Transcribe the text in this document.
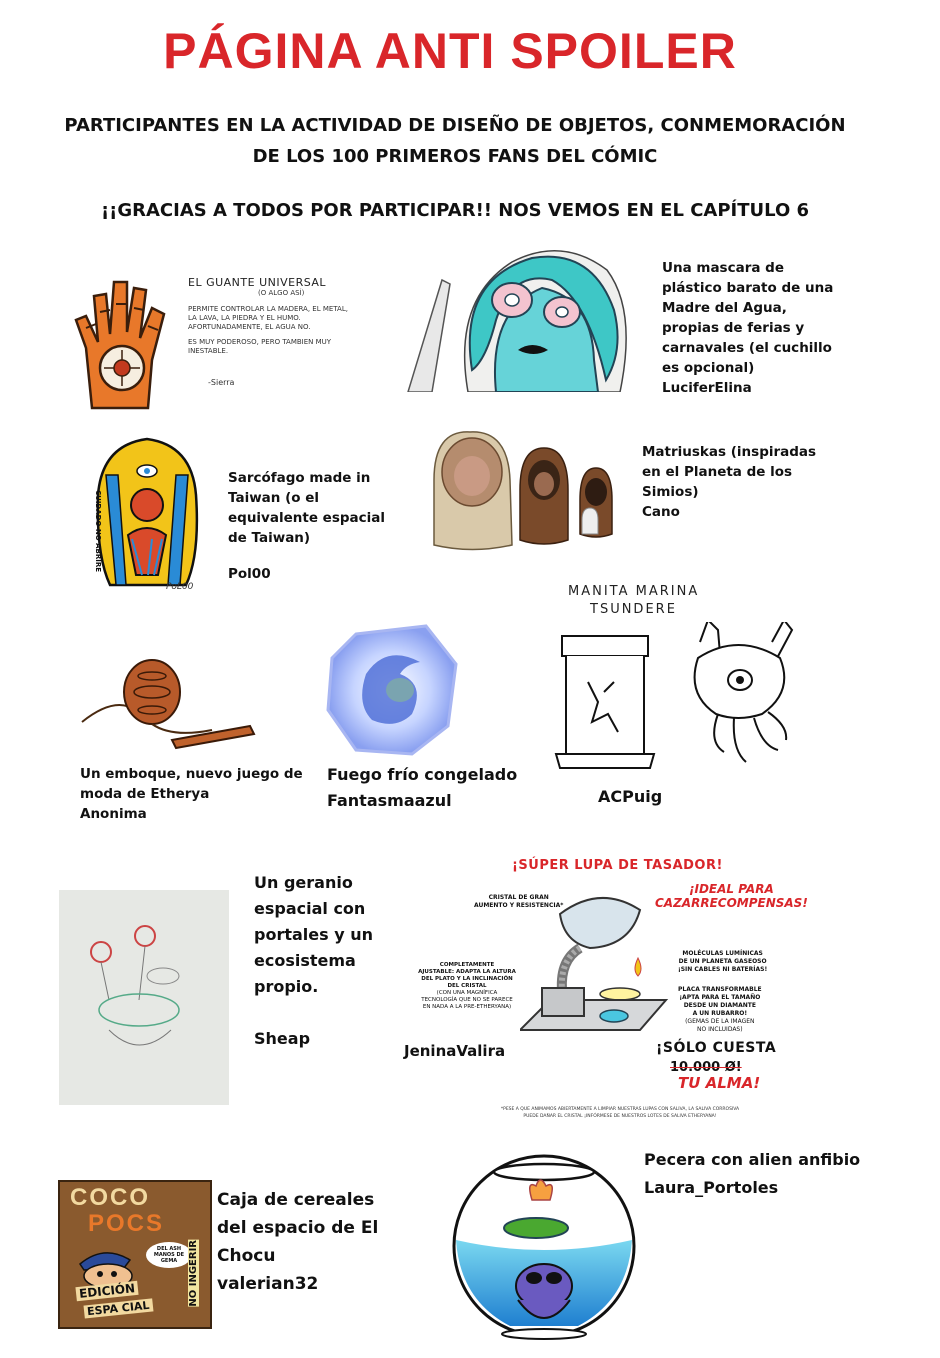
PÁGINA ANTI SPOILER
PARTICIPANTES EN LA ACTIVIDAD DE DISEÑO DE OBJETOS, CONMEMORACIÓN
DE LOS 100 PRIMEROS FANS DEL CÓMIC
¡¡GRACIAS A TODOS POR PARTICIPAR!! NOS VEMOS EN EL CAPÍTULO 6
EL GUANTE UNIVERSAL
(O ALGO ASÍ)
PERMITE CONTROLAR LA MADERA, EL METAL,
LA LAVA, LA PIEDRA Y EL HUMO.
AFORTUNADAMENTE, EL AGUA NO.
ES MUY PODEROSO, PERO TAMBIEN MUY
INESTABLE.
-Sierra
Una mascara de
plástico barato de una
Madre del Agua,
propias de ferias y
carnavales (el cuchillo
es opcional)
LuciferElina
CUIDADO NO ABRIRE
PoL00
Sarcófago made in
Taiwan (o el
equivalente espacial
de Taiwan)
Pol00
Matriuskas (inspiradas
en el Planeta de los
Simios)
Cano
Un emboque, nuevo juego de
moda de Etherya
Anonima
Fuego frío congelado
Fantasmaazul
MANITA MARINA
TSUNDERE
ACPuig
Un geranio
espacial con
portales y un
ecosistema
propio.
Sheap
¡SÚPER LUPA DE TASADOR!
¡IDEAL PARA
CAZARRECOMPENSAS!
CRISTAL DE GRAN
AUMENTO Y RESISTENCIA*
COMPLETAMENTE
AJUSTABLE: ADAPTA LA ALTURA
DEL PLATO Y LA INCLINACIÓN
DEL CRISTAL
(CON UNA MAGNÍFICA
TECNOLOGÍA QUE NO SE PARECE
EN NADA A LA PRE-ETHERYANA)
MOLÉCULAS LUMÍNICAS
DE UN PLANETA GASEOSO
¡SIN CABLES NI BATERÍAS!
PLACA TRANSFORMABLE
¡APTA PARA EL TAMAÑO
DESDE UN DIAMANTE
A UN RUBARRO!
(GEMAS DE LA IMAGEN
NO INCLUIDAS)
¡SÓLO CUESTA
10.000 Ø!
TU ALMA!
JeninaValira
*PESE A QUE ANIMAMOS ABIERTAMENTE A LIMPIAR NUESTRAS LUPAS CON SALIVA, LA SALIVA CORROSIVA
PUEDE DAÑAR EL CRISTAL ¡INFÓRMESE DE NUESTROS LOTES DE SALIVA ETHERYANA!
COCO
POCS
DEL ASH MANOS DE GEMA
EDICIÓN
ESPA CIAL
NO INGERIR
Caja de cereales
del espacio de El
Chocu
valerian32
Pecera con alien anfibio
Laura_Portoles
